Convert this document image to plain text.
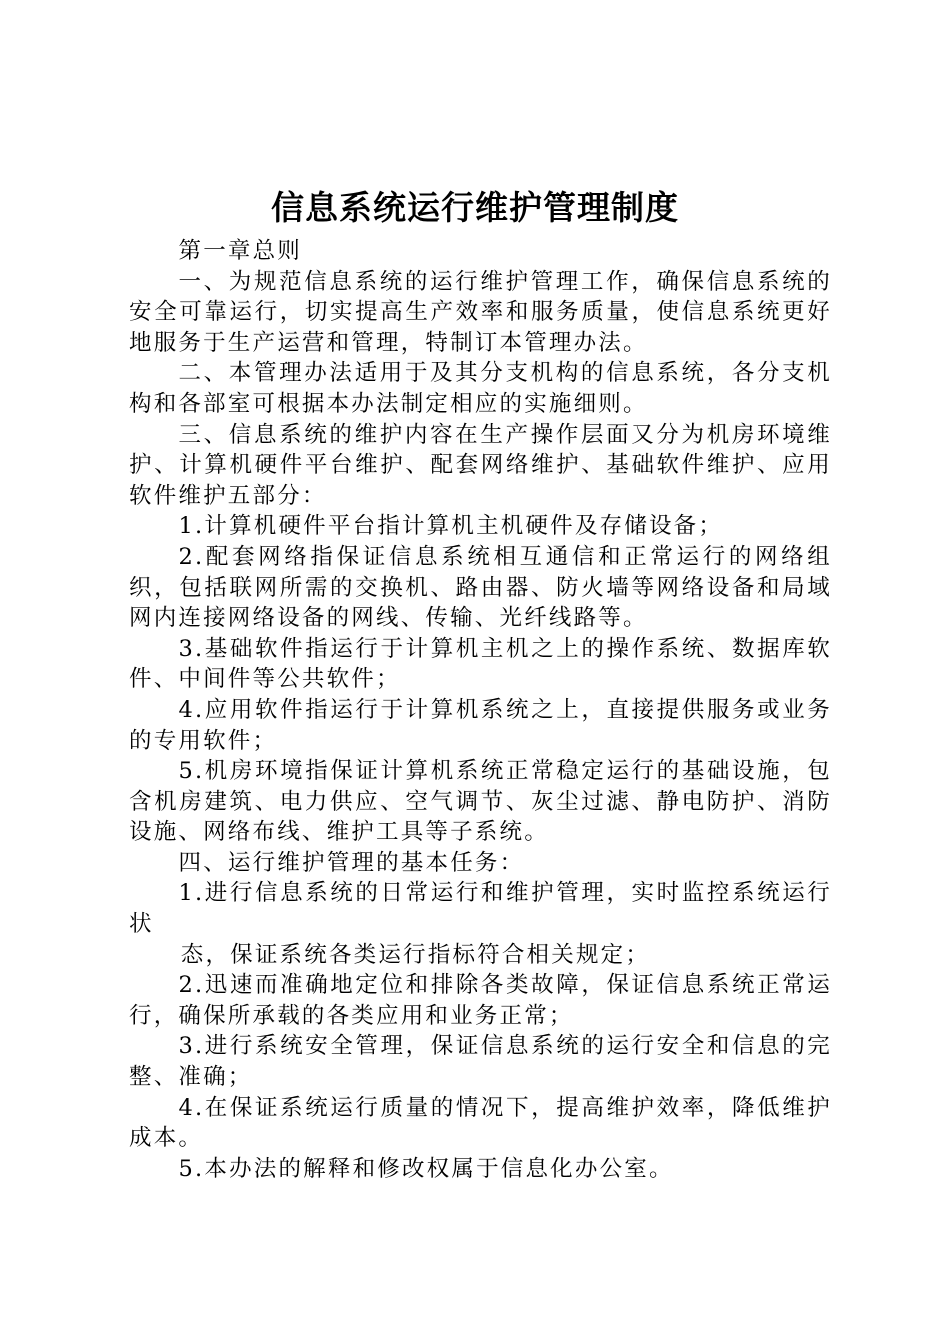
信息系统运行维护管理制度

第一章总则

一、为规范信息系统的运行维护管理工作，确保信息系统的安全可靠运行，切实提高生产效率和服务质量，使信息系统更好地服务于生产运营和管理，特制订本管理办法。

二、本管理办法适用于及其分支机构的信息系统，各分支机构和各部室可根据本办法制定相应的实施细则。

三、信息系统的维护内容在生产操作层面又分为机房环境维护、计算机硬件平台维护、配套网络维护、基础软件维护、应用软件维护五部分：

1.计算机硬件平台指计算机主机硬件及存储设备；

2.配套网络指保证信息系统相互通信和正常运行的网络组织，包括联网所需的交换机、路由器、防火墙等网络设备和局域网内连接网络设备的网线、传输、光纤线路等。

3.基础软件指运行于计算机主机之上的操作系统、数据库软件、中间件等公共软件；

4.应用软件指运行于计算机系统之上，直接提供服务或业务的专用软件；

5.机房环境指保证计算机系统正常稳定运行的基础设施，包含机房建筑、电力供应、空气调节、灰尘过滤、静电防护、消防设施、网络布线、维护工具等子系统。

四、运行维护管理的基本任务：

1.进行信息系统的日常运行和维护管理，实时监控系统运行状

态，保证系统各类运行指标符合相关规定；

2.迅速而准确地定位和排除各类故障，保证信息系统正常运行，确保所承载的各类应用和业务正常；

3.进行系统安全管理，保证信息系统的运行安全和信息的完整、准确；

4.在保证系统运行质量的情况下，提高维护效率，降低维护成本。

5.本办法的解释和修改权属于信息化办公室。
